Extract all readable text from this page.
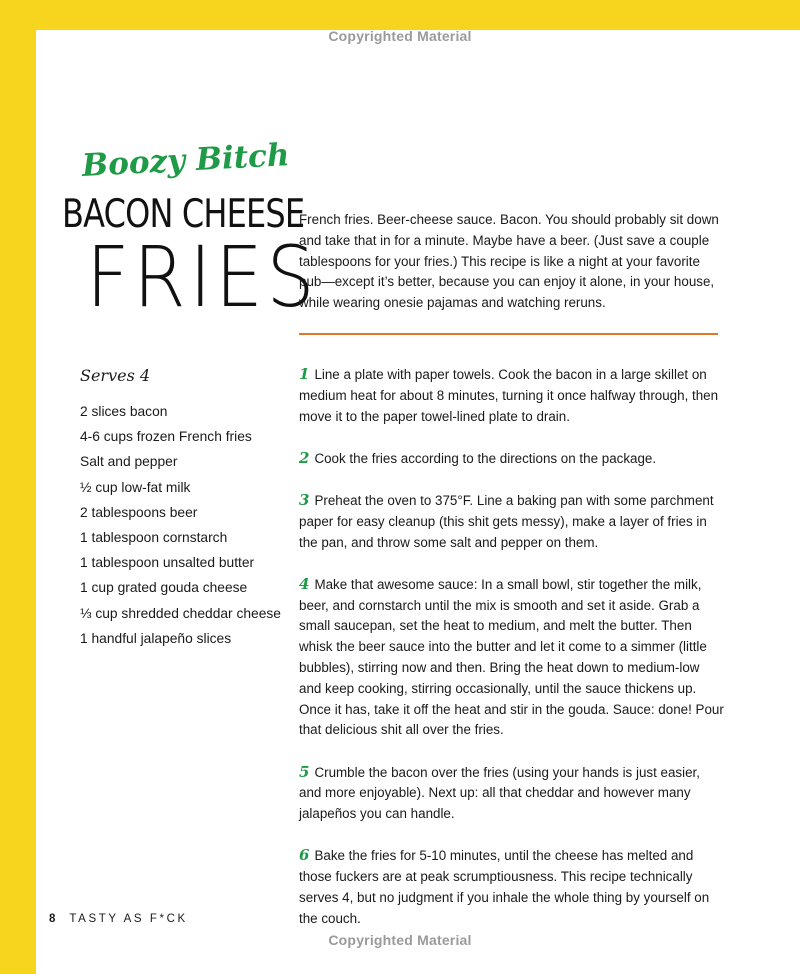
Copyrighted Material
Boozy Bitch
BACON CHEESE
FRIES
French fries. Beer-cheese sauce. Bacon. You should probably sit down and take that in for a minute. Maybe have a beer. (Just save a couple tablespoons for your fries.) This recipe is like a night at your favorite pub—except it’s better, because you can enjoy it alone, in your house, while wearing onesie pajamas and watching reruns.
Serves 4
2 slices bacon
4-6 cups frozen French fries
Salt and pepper
½ cup low-fat milk
2 tablespoons beer
1 tablespoon cornstarch
1 tablespoon unsalted butter
1 cup grated gouda cheese
⅓ cup shredded cheddar cheese
1 handful jalapeño slices

1 Line a plate with paper towels. Cook the bacon in a large skillet on medium heat for about 8 minutes, turning it once halfway through, then move it to the paper towel-lined plate to drain.

2 Cook the fries according to the directions on the package.

3 Preheat the oven to 375°F. Line a baking pan with some parchment paper for easy cleanup (this shit gets messy), make a layer of fries in the pan, and throw some salt and pepper on them.

4 Make that awesome sauce: In a small bowl, stir together the milk, beer, and cornstarch until the mix is smooth and set it aside. Grab a small saucepan, set the heat to medium, and melt the butter. Then whisk the beer sauce into the butter and let it come to a simmer (little bubbles), stirring now and then. Bring the heat down to medium-low and keep cooking, stirring occasionally, until the sauce thickens up. Once it has, take it off the heat and stir in the gouda. Sauce: done! Pour that delicious shit all over the fries.

5 Crumble the bacon over the fries (using your hands is just easier, and more enjoyable). Next up: all that cheddar and however many jalapeños you can handle.

6 Bake the fries for 5-10 minutes, until the cheese has melted and those fuckers are at peak scrumptiousness. This recipe technically serves 4, but no judgment if you inhale the whole thing by yourself on the couch.

8 TASTY AS F*CK
Copyrighted Material
